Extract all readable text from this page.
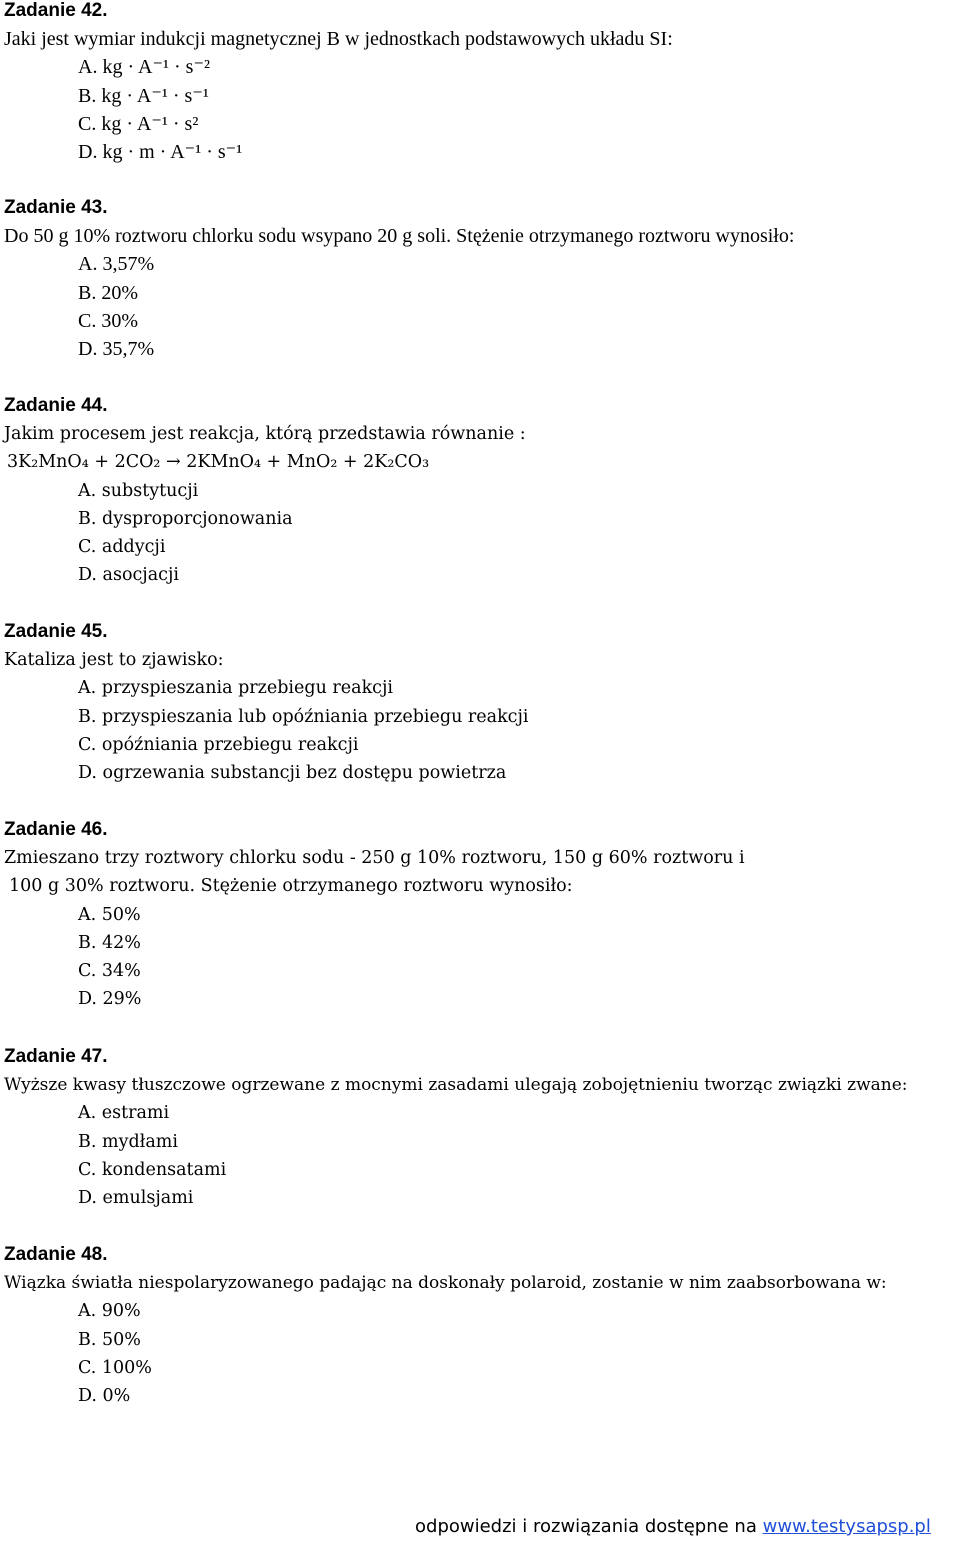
Zadanie 42.
Jaki jest wymiar indukcji magnetycznej B w jednostkach podstawowych układu SI:
A. kg · A⁻¹ · s⁻²
B. kg · A⁻¹ · s⁻¹
C. kg · A⁻¹ · s²
D. kg · m · A⁻¹ · s⁻¹
Zadanie 43.
Do 50 g 10% roztworu chlorku sodu wsypano 20 g soli. Stężenie otrzymanego roztworu wynosiło:
A. 3,57%
B. 20%
C. 30%
D. 35,7%
Zadanie 44.
Jakim procesem jest reakcja, którą przedstawia równanie :
3K₂MnO₄ + 2CO₂ → 2KMnO₄ + MnO₂ + 2K₂CO₃
A. substytucji
B. dysproporcjonowania
C. addycji
D. asocjacji
Zadanie 45.
Kataliza jest to zjawisko:
A. przyspieszania przebiegu reakcji
B. przyspieszania lub opóźniania przebiegu reakcji
C. opóźniania przebiegu reakcji
D. ogrzewania substancji bez dostępu powietrza
Zadanie 46.
Zmieszano trzy roztwory chlorku sodu - 250 g 10% roztworu, 150 g 60% roztworu i
100 g 30% roztworu. Stężenie otrzymanego roztworu wynosiło:
A. 50%
B. 42%
C. 34%
D. 29%
Zadanie 47.
Wyższe kwasy tłuszczowe ogrzewane z mocnymi zasadami ulegają zobojętnieniu tworząc związki zwane:
A. estrami
B. mydłami
C. kondensatami
D. emulsjami
Zadanie 48.
Wiązka światła niespolaryzowanego padając na doskonały polaroid, zostanie w nim zaabsorbowana w:
A. 90%
B. 50%
C. 100%
D. 0%
odpowiedzi i rozwiązania dostępne na www.testysapsp.pl
